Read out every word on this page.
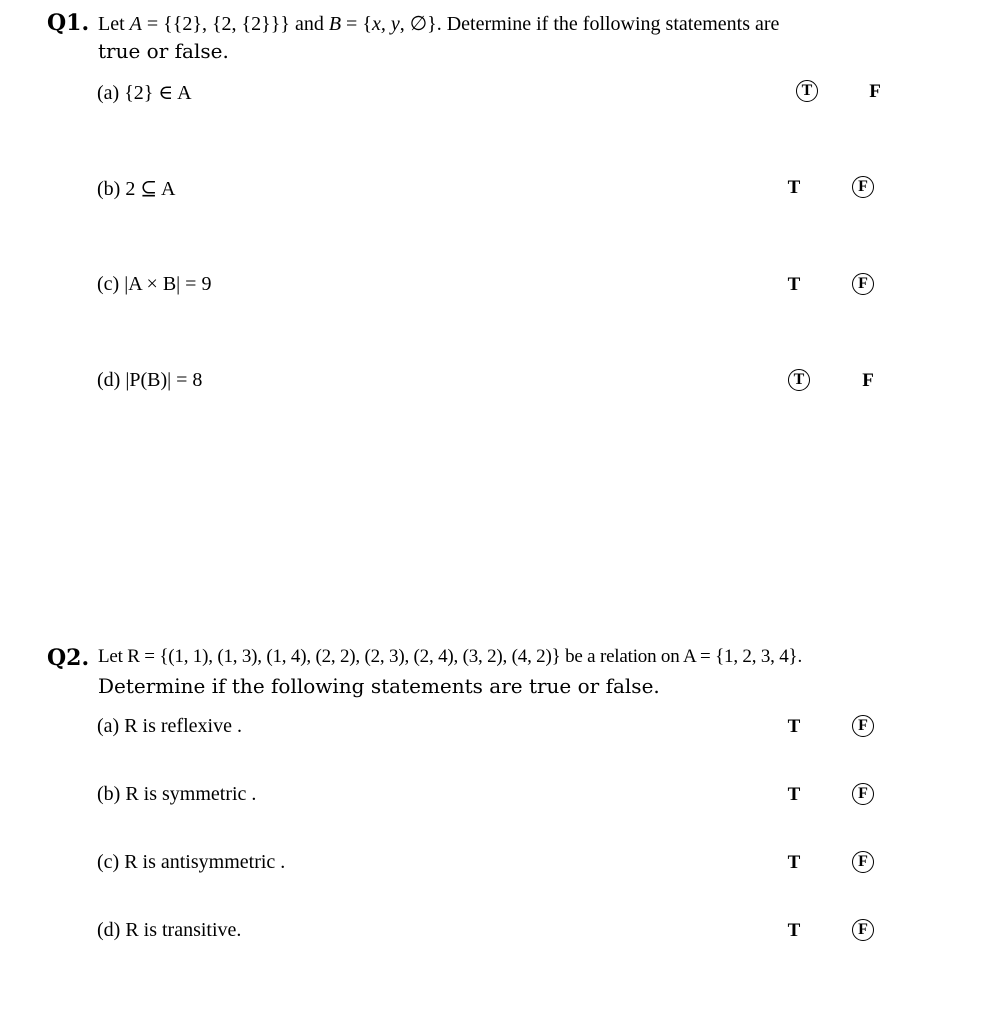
Q1. Let A = {{2}, {2, {2}}} and B = {x, y, ∅}. Determine if the following statements are
true or false.
(a) {2} ∈ A	T	F
(b) 2 ⊆ A	T	F
(c) |A × B| = 9	T	F
(d) |P(B)| = 8	T	F
Q2. Let R = {(1, 1), (1, 3), (1, 4), (2, 2), (2, 3), (2, 4), (3, 2), (4, 2)} be a relation on A = {1, 2, 3, 4}.
Determine if the following statements are true or false.
(a) R is reflexive .	T	F
(b) R is symmetric .	T	F
(c) R is antisymmetric .	T	F
(d) R is transitive.	T	F
